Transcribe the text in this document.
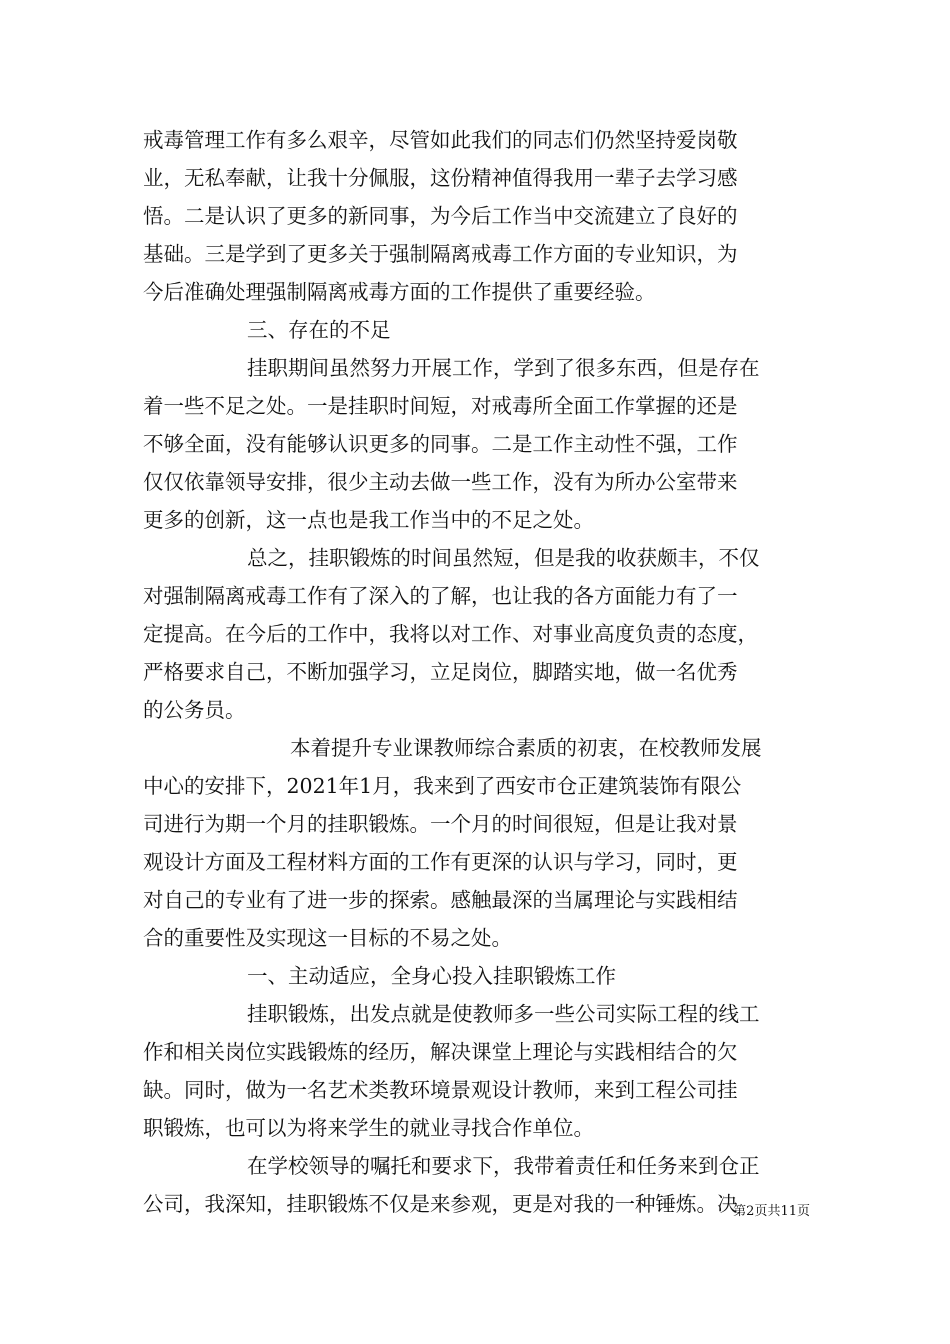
戒毒管理工作有多么艰辛，尽管如此我们的同志们仍然坚持爱岗敬
业，无私奉献，让我十分佩服，这份精神值得我用一辈子去学习感
悟。二是认识了更多的新同事，为今后工作当中交流建立了良好的
基础。三是学到了更多关于强制隔离戒毒工作方面的专业知识，为
今后准确处理强制隔离戒毒方面的工作提供了重要经验。
三、存在的不足
挂职期间虽然努力开展工作，学到了很多东西，但是存在
着一些不足之处。一是挂职时间短，对戒毒所全面工作掌握的还是
不够全面，没有能够认识更多的同事。二是工作主动性不强，工作
仅仅依靠领导安排，很少主动去做一些工作，没有为所办公室带来
更多的创新，这一点也是我工作当中的不足之处。
总之，挂职锻炼的时间虽然短，但是我的收获颇丰，不仅
对强制隔离戒毒工作有了深入的了解，也让我的各方面能力有了一
定提高。在今后的工作中，我将以对工作、对事业高度负责的态度，
严格要求自己，不断加强学习，立足岗位，脚踏实地，做一名优秀
的公务员。
本着提升专业课教师综合素质的初衷，在校教师发展
中心的安排下，2021年1月，我来到了西安市仓正建筑装饰有限公
司进行为期一个月的挂职锻炼。一个月的时间很短，但是让我对景
观设计方面及工程材料方面的工作有更深的认识与学习，同时，更
对自己的专业有了进一步的探索。感触最深的当属理论与实践相结
合的重要性及实现这一目标的不易之处。
一、主动适应，全身心投入挂职锻炼工作
挂职锻炼，出发点就是使教师多一些公司实际工程的线工
作和相关岗位实践锻炼的经历，解决课堂上理论与实践相结合的欠
缺。同时，做为一名艺术类教环境景观设计教师，来到工程公司挂
职锻炼，也可以为将来学生的就业寻找合作单位。
在学校领导的嘱托和要求下，我带着责任和任务来到仓正
公司，我深知，挂职锻炼不仅是来参观，更是对我的一种锤炼。决
第2页共11页
